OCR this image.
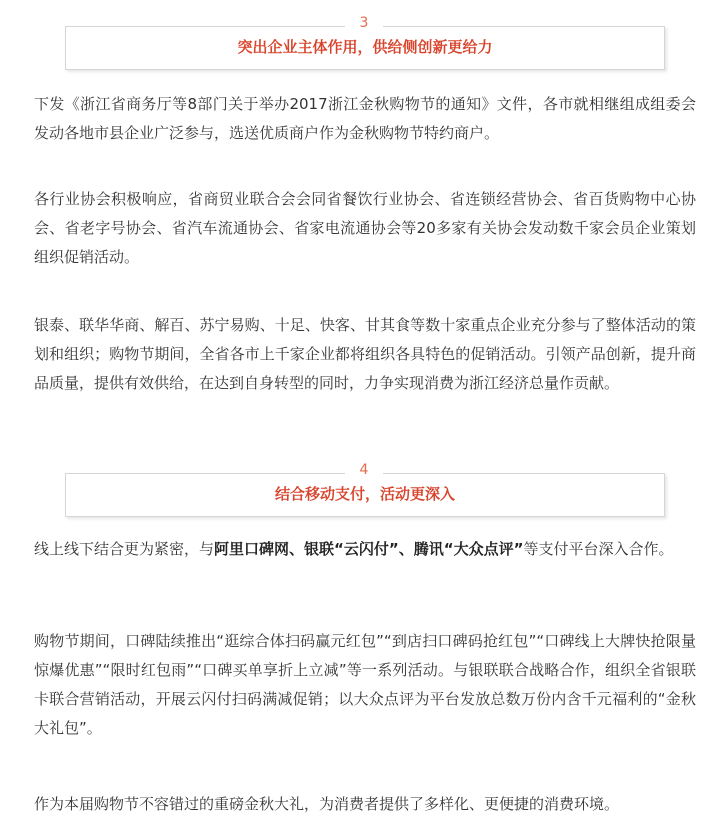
3
突出企业主体作用，供给侧创新更给力

下发《浙江省商务厅等8部门关于举办2017浙江金秋购物节的通知》文件，各市就相继组成组委会发动各地市县企业广泛参与，选送优质商户作为金秋购物节特约商户。

各行业协会积极响应，省商贸业联合会会同省餐饮行业协会、省连锁经营协会、省百货购物中心协会、省老字号协会、省汽车流通协会、省家电流通协会等20多家有关协会发动数千家会员企业策划组织促销活动。

银泰、联华华商、解百、苏宁易购、十足、快客、甘其食等数十家重点企业充分参与了整体活动的策划和组织；购物节期间，全省各市上千家企业都将组织各具特色的促销活动。引领产品创新，提升商品质量，提供有效供给，在达到自身转型的同时，力争实现消费为浙江经济总量作贡献。

4
结合移动支付，活动更深入

线上线下结合更为紧密，与阿里口碑网、银联“云闪付”、腾讯“大众点评”等支付平台深入合作。

购物节期间，口碑陆续推出“逛综合体扫码赢元红包”“到店扫口碑码抢红包”“口碑线上大牌快抢限量惊爆优惠”“限时红包雨”“口碑买单享折上立减”等一系列活动。与银联联合战略合作，组织全省银联卡联合营销活动，开展云闪付扫码满减促销；以大众点评为平台发放总数万份内含千元福利的“金秋大礼包”。

作为本届购物节不容错过的重磅金秋大礼，为消费者提供了多样化、更便捷的消费环境。
